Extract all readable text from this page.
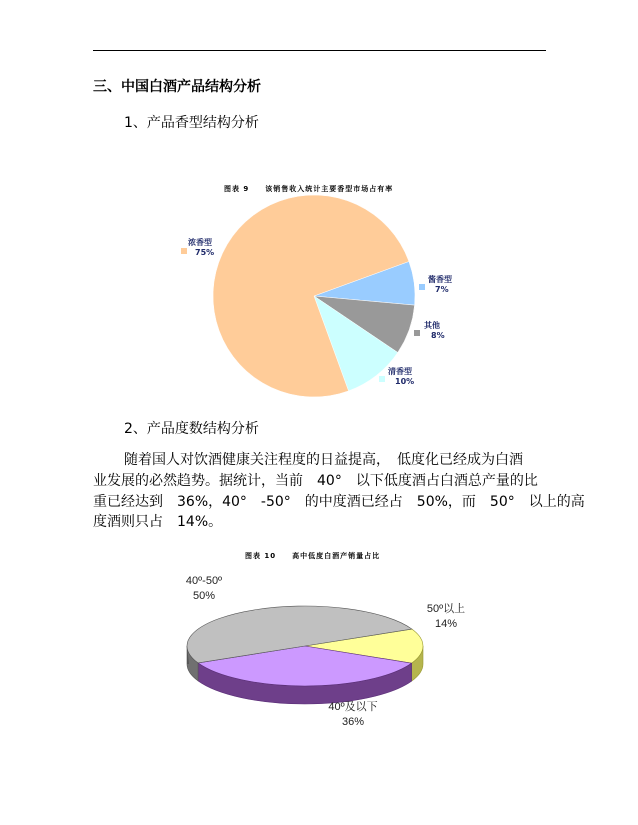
三、中国白酒产品结构分析
1、产品香型结构分析
图表 9　　该销售收入统计主要香型市场占有率
浓香型
75%
酱香型
7%
其他
8%
清香型
10%
2、产品度数结构分析
随着国人对饮酒健康关注程度的日益提高，　低度化已经成为白酒
业发展的必然趋势。据统计，当前　40°　以下低度酒占白酒总产量的比
重已经达到　36%，40°　-50°　的中度酒已经占　50%，而　50°　以上的高
度酒则只占　14%。
图表 10　　高中低度白酒产销量占比
40º-50º
50%
50º以上
14%
40º及以下
36%
